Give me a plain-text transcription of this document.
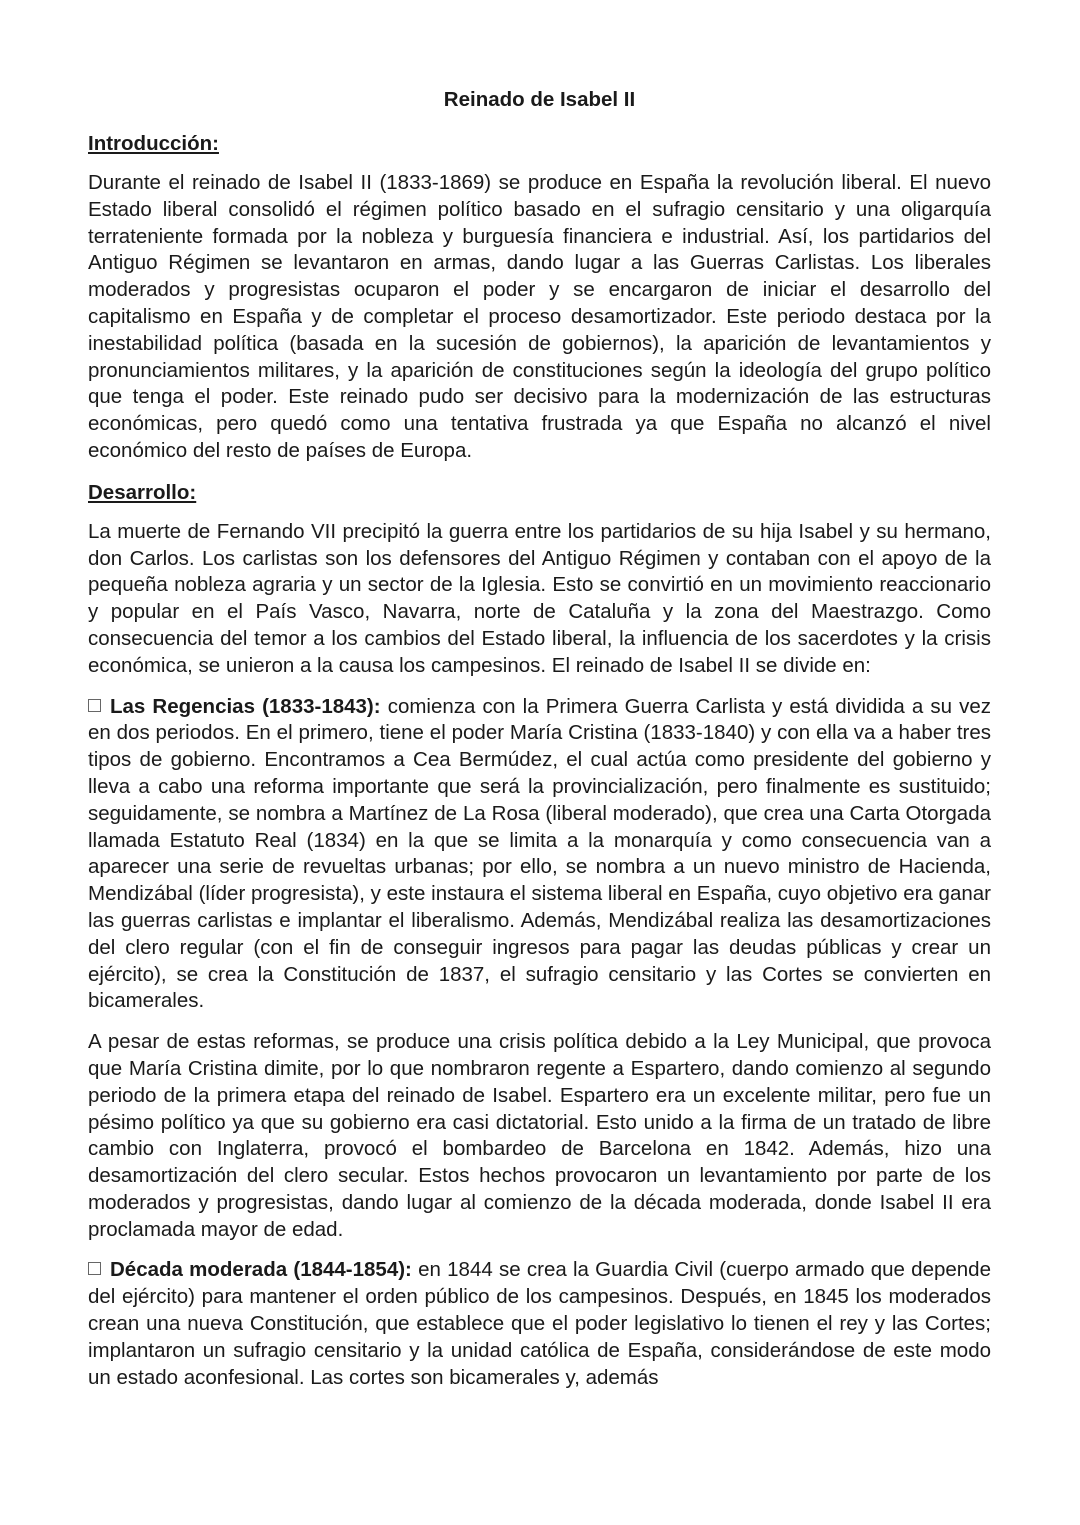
Reinado de Isabel II
Introducción:

Durante el reinado de Isabel II (1833-1869) se produce en España la revolución liberal. El nuevo Estado liberal consolidó el régimen político basado en el sufragio censitario y una oligarquía terrateniente formada por la nobleza y burguesía financiera e industrial. Así, los partidarios del Antiguo Régimen se levantaron en armas, dando lugar a las Guerras Carlistas. Los liberales moderados y progresistas ocuparon el poder y se encargaron de iniciar el desarrollo del capitalismo en España y de completar el proceso desamortizador. Este periodo destaca por la inestabilidad política (basada en la sucesión de gobiernos), la aparición de levantamientos y pronunciamientos militares, y la aparición de constituciones según la ideología del grupo político que tenga el poder. Este reinado pudo ser decisivo para la modernización de las estructuras económicas, pero quedó como una tentativa frustrada ya que España no alcanzó el nivel económico del resto de países de Europa.

Desarrollo:

La muerte de Fernando VII precipitó la guerra entre los partidarios de su hija Isabel y su hermano, don Carlos. Los carlistas son los defensores del Antiguo Régimen y contaban con el apoyo de la pequeña nobleza agraria y un sector de la Iglesia. Esto se convirtió en un movimiento reaccionario y popular en el País Vasco, Navarra, norte de Cataluña y la zona del Maestrazgo. Como consecuencia del temor a los cambios del Estado liberal, la influencia de los sacerdotes y la crisis económica, se unieron a la causa los campesinos. El reinado de Isabel II se divide en:

Las Regencias (1833-1843): comienza con la Primera Guerra Carlista y está dividida a su vez en dos periodos. En el primero, tiene el poder María Cristina (1833-1840) y con ella va a haber tres tipos de gobierno. Encontramos a Cea Bermúdez, el cual actúa como presidente del gobierno y lleva a cabo una reforma importante que será la provincialización, pero finalmente es sustituido; seguidamente, se nombra a Martínez de La Rosa (liberal moderado), que crea una Carta Otorgada llamada Estatuto Real (1834) en la que se limita a la monarquía y como consecuencia van a aparecer una serie de revueltas urbanas; por ello, se nombra a un nuevo ministro de Hacienda, Mendizábal (líder progresista), y este instaura el sistema liberal en España, cuyo objetivo era ganar las guerras carlistas e implantar el liberalismo. Además, Mendizábal realiza las desamortizaciones del clero regular (con el fin de conseguir ingresos para pagar las deudas públicas y crear un ejército), se crea la Constitución de 1837, el sufragio censitario y las Cortes se convierten en bicamerales.

A pesar de estas reformas, se produce una crisis política debido a la Ley Municipal, que provoca que María Cristina dimite, por lo que nombraron regente a Espartero, dando comienzo al segundo periodo de la primera etapa del reinado de Isabel. Espartero era un excelente militar, pero fue un pésimo político ya que su gobierno era casi dictatorial. Esto unido a la firma de un tratado de libre cambio con Inglaterra, provocó el bombardeo de Barcelona en 1842. Además, hizo una desamortización del clero secular. Estos hechos provocaron un levantamiento por parte de los moderados y progresistas, dando lugar al comienzo de la década moderada, donde Isabel II era proclamada mayor de edad.

Década moderada (1844-1854): en 1844 se crea la Guardia Civil (cuerpo armado que depende del ejército) para mantener el orden público de los campesinos. Después, en 1845 los moderados crean una nueva Constitución, que establece que el poder legislativo lo tienen el rey y las Cortes; implantaron un sufragio censitario y la unidad católica de España, considerándose de este modo un estado aconfesional. Las cortes son bicamerales y, además
